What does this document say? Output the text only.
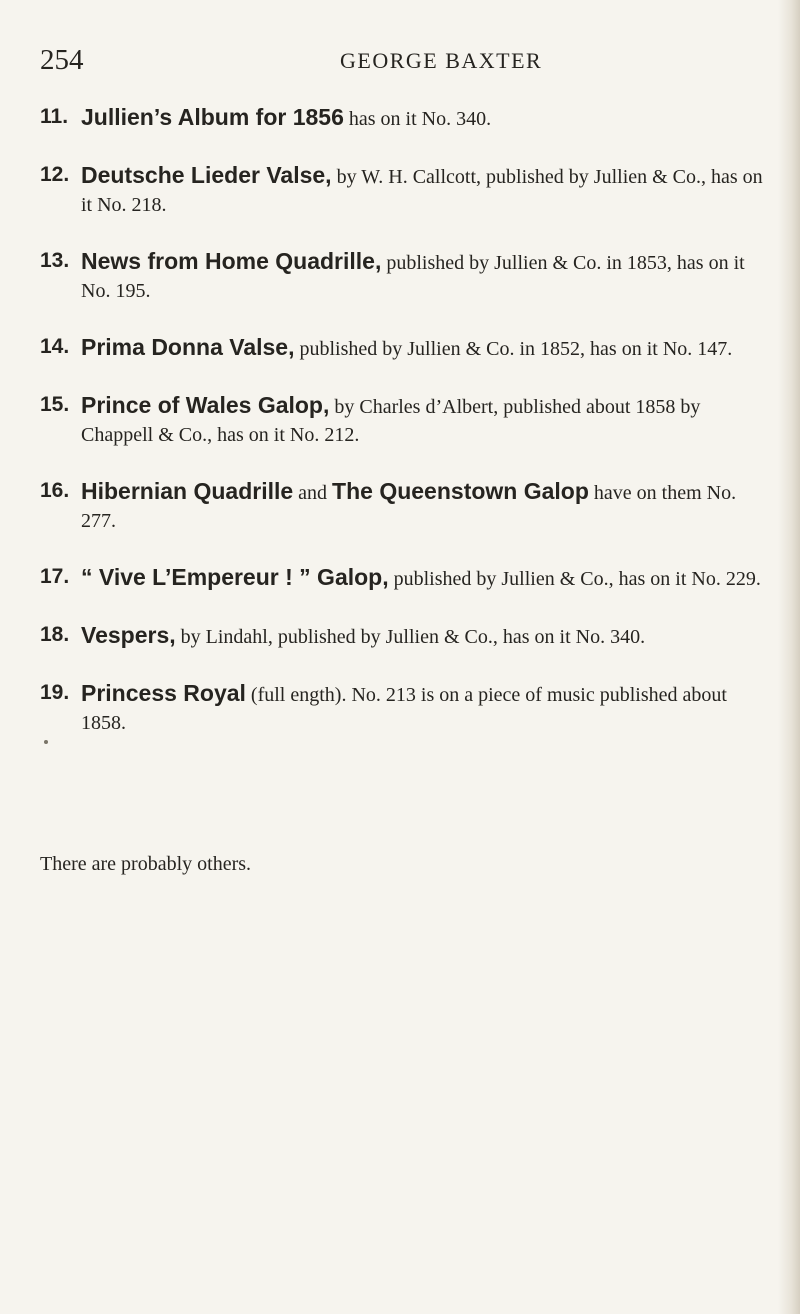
254	GEORGE BAXTER
11. Jullien’s Album for 1856 has on it No. 340.
12. Deutsche Lieder Valse, by W. H. Callcott, published by Jullien & Co., has on it No. 218.
13. News from Home Quadrille, published by Jullien & Co. in 1853, has on it No. 195.
14. Prima Donna Valse, published by Jullien & Co. in 1852, has on it No. 147.
15. Prince of Wales Galop, by Charles d’Albert, published about 1858 by Chappell & Co., has on it No. 212.
16. Hibernian Quadrille and The Queenstown Galop have on them No. 277.
17. “ Vive L’Empereur ! ” Galop, published by Jullien & Co., has on it No. 229.
18. Vespers, by Lindahl, published by Jullien & Co., has on it No. 340.
19. Princess Royal (full ength). No. 213 is on a piece of music published about 1858.

There are probably others.
